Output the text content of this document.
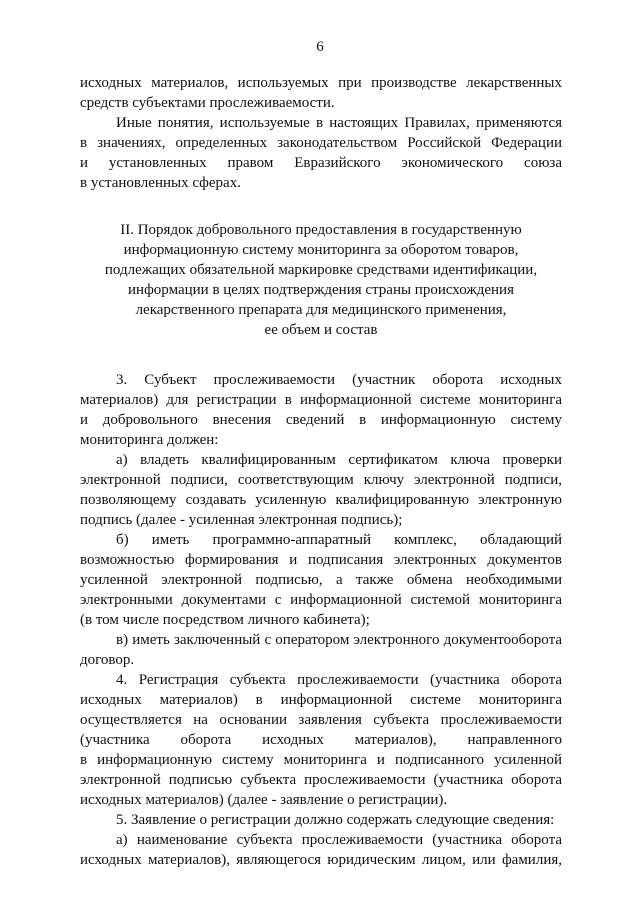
6

исходных материалов, используемых при производстве лекарственных
средств субъектами прослеживаемости.

Иные понятия, используемые в настоящих Правилах, применяются
в значениях, определенных законодательством Российской Федерации
и установленных правом Евразийского экономического союза
в установленных сферах.

II. Порядок добровольного предоставления в государственную
информационную систему мониторинга за оборотом товаров,
подлежащих обязательной маркировке средствами идентификации,
информации в целях подтверждения страны происхождения
лекарственного препарата для медицинского применения,
ее объем и состав

3. Субъект прослеживаемости (участник оборота исходных
материалов) для регистрации в информационной системе мониторинга
и добровольного внесения сведений в информационную систему
мониторинга должен:

а) владеть квалифицированным сертификатом ключа проверки
электронной подписи, соответствующим ключу электронной подписи,
позволяющему создавать усиленную квалифицированную электронную
подпись (далее - усиленная электронная подпись);

б) иметь программно-аппаратный комплекс, обладающий
возможностью формирования и подписания электронных документов
усиленной электронной подписью, а также обмена необходимыми
электронными документами с информационной системой мониторинга
(в том числе посредством личного кабинета);

в) иметь заключенный с оператором электронного документооборота
договор.

4. Регистрация субъекта прослеживаемости (участника оборота
исходных материалов) в информационной системе мониторинга
осуществляется на основании заявления субъекта прослеживаемости
(участника оборота исходных материалов), направленного
в информационную систему мониторинга и подписанного усиленной
электронной подписью субъекта прослеживаемости (участника оборота
исходных материалов) (далее - заявление о регистрации).

5. Заявление о регистрации должно содержать следующие сведения:

а) наименование субъекта прослеживаемости (участника оборота
исходных материалов), являющегося юридическим лицом, или фамилия,
